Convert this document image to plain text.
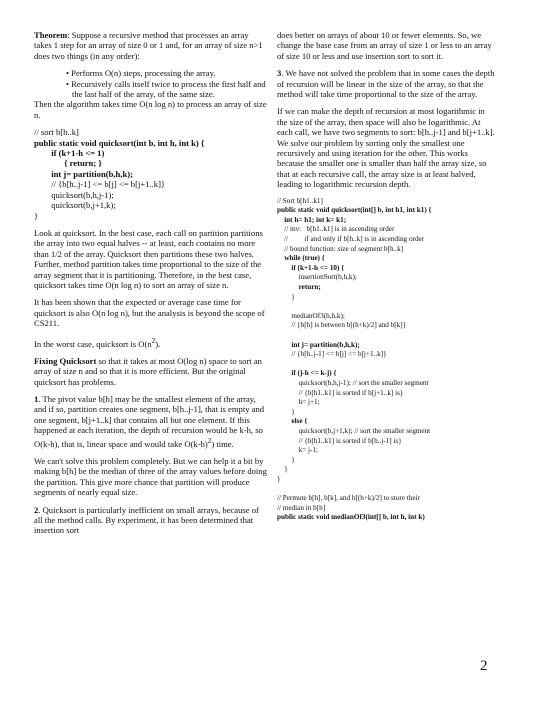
Theorem: Suppose a recursive method that processes an array takes 1 step for an array of size 0 or 1 and, for an array of size n>1 does two things (in any order):

• Performs O(n) steps, processing the array.
• Recursively calls itself twice to process the first half and the last half of the array, of the same size.

Then the algorithm takes time O(n log n) to process an array of size n.

// sort b[h..k]
public static void quicksort(int b, int h, int k) {
if (k+1-h <= 1)
{ return; }
int j= partition(b,h,k);
// {b[h..j-1] <= b[j] <= b[j+1..k]}
quicksort(b,h,j-1);
quicksort(b,j+1,k);
}

Look at quicksort. In the best case, each call on partition partitions the array into two equal halves -- at least, each contains no more than 1/2 of the array. Quicksort then partitions these two halves. Further, method partition takes time proportional to the size of the array segment that it is partitioning. Therefore, in the best case, quicksort takes time O(n log n) to sort an array of size n.

It has been shown that the expected or average case time for quicksort is also O(n log n), but the analysis is beyond the scope of CS211.

In the worst case, quicksort is $O(n^2)$.

Fixing Quicksort so that it takes at most O(log n) space to sort an array of size n and so that it is more efficient. But the original quicksort has problems.

1. The pivot value b[h] may be the smallest element of the array, and if so, partition creates one segment, b[h..j-1], that is empty and one segment, b[j+1..k] that contains all but one element. If this happened at each iteration, the depth of recursion would be k-h, so O(k-h), that is, linear space and would take $O(k-h)^2$) time.

We can't solve this problem completely. But we can help it a bit by making b[h] be the median of three of the array values before doing the partition. This give more chance that partition will produce segments of nearly equal size.

2. Quicksort is particularly inefficient on small arrays, because of all the method calls. By experiment, it has been determined that insertion sort

does better on arrays of about 10 or fewer elements. So, we change the base case from an array of size 1 or less to an array of size 10 or less and use insertion sort to sort it.

3. We have not solved the problem that in some cases the depth of recursion will be linear in the size of the array, so that the method will take time proportional to the size of the array.

If we can make the depth of recursion at most logarithmic in the size of the array, then space will also be logarithmic. At each call, we have two segments to sort: b[h..j-1] and b[j+1..k]. We solve our problem by sorting only the smallest one recursively and using iteration for the other. This works because the smaller one is smaller than half the array size, so that at each recursive call, the array size is at least halved, leading to logarithmic recursion depth.

// Sort b[h1..k1]
public static void quicksort(int[] b, int h1, int k1) {
int h= h1; int k= k1;
// inv:   b[h1..k1] is in ascending order
//         if and only if b[h..k] is in ascending order
// bound function: size of segment b[h..k]
while (true) {
if (k+1-h <= 10) {
insertionSort(b,h,k);
return;
}

medianOf3(b,h,k);
// {b[h] is between b[(h+k)/2] and b[k]}

int j= partition(b,h,k);
// {b[h..j-1] <= b[j] <= b[j+1..k]}

if (j-h <= k-j) {
quicksort(b,h,j-1); // sort the smaller segment
// {b[h1..k1] is sorted if b[j+1..k] is}
h= j+1;
}
else {
quicksort(b,j+1,k); // sort the smaller segment
// {b[h1..k1] is sorted if b[h..j-1] is}
k= j-1;
}
}
}

// Permute b[h], b[k], and b[(h+k)/2] to store their
// median in b[h]
public static void medianOf3(int[] b, int h, int k)
2
